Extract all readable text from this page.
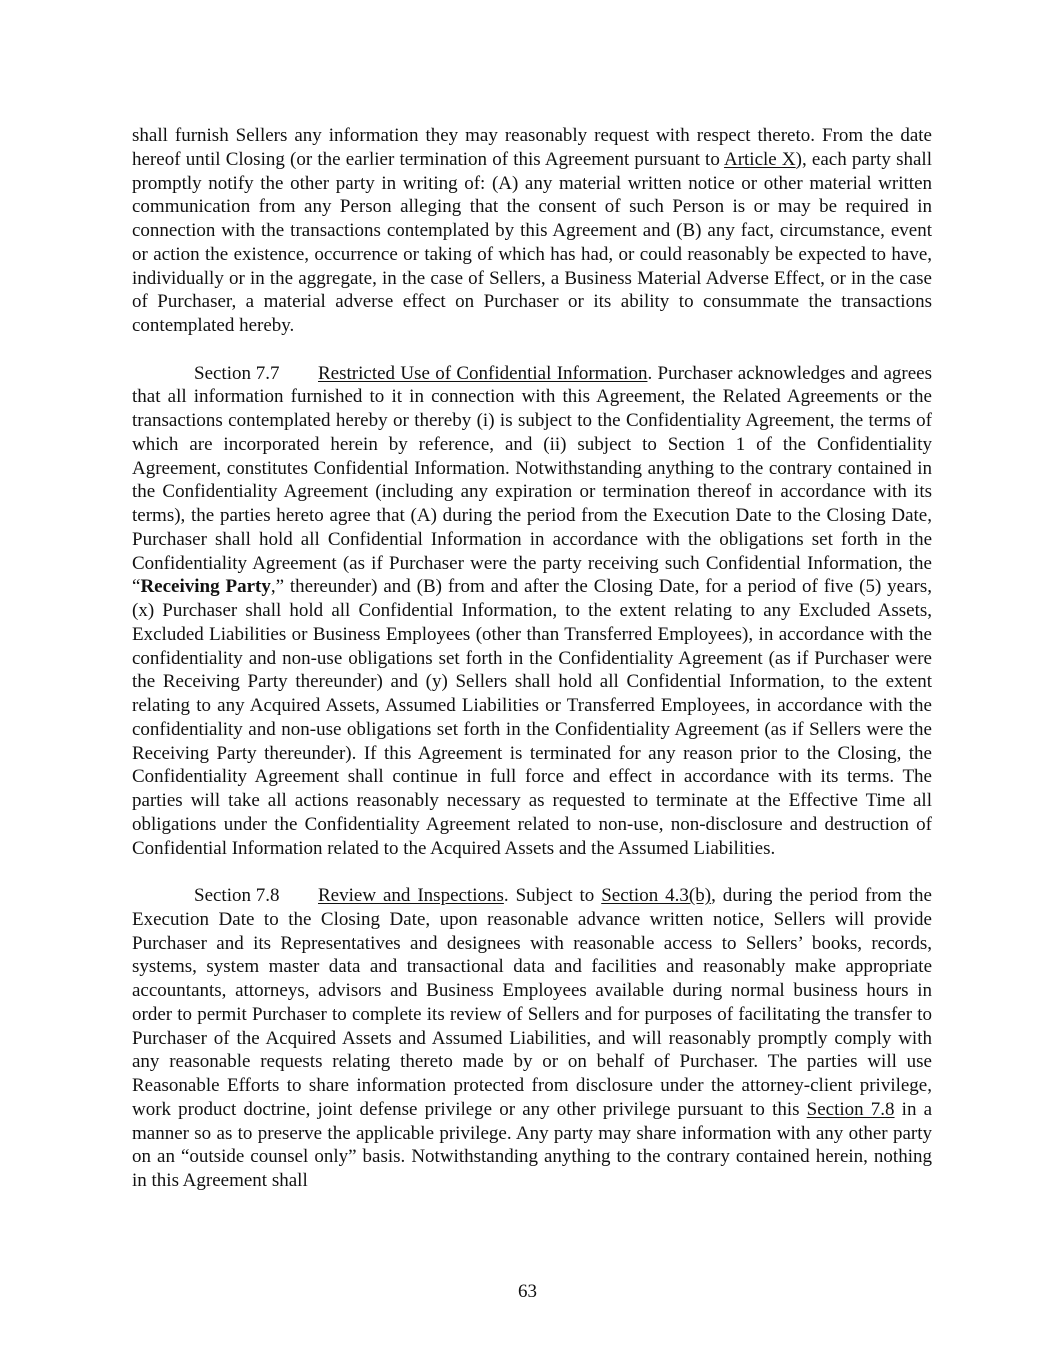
shall furnish Sellers any information they may reasonably request with respect thereto. From the date hereof until Closing (or the earlier termination of this Agreement pursuant to Article X), each party shall promptly notify the other party in writing of: (A) any material written notice or other material written communication from any Person alleging that the consent of such Person is or may be required in connection with the transactions contemplated by this Agreement and (B) any fact, circumstance, event or action the existence, occurrence or taking of which has had, or could reasonably be expected to have, individually or in the aggregate, in the case of Sellers, a Business Material Adverse Effect, or in the case of Purchaser, a material adverse effect on Purchaser or its ability to consummate the transactions contemplated hereby.

Section 7.7 Restricted Use of Confidential Information. Purchaser acknowledges and agrees that all information furnished to it in connection with this Agreement, the Related Agreements or the transactions contemplated hereby or thereby (i) is subject to the Confidentiality Agreement, the terms of which are incorporated herein by reference, and (ii) subject to Section 1 of the Confidentiality Agreement, constitutes Confidential Information. Notwithstanding anything to the contrary contained in the Confidentiality Agreement (including any expiration or termination thereof in accordance with its terms), the parties hereto agree that (A) during the period from the Execution Date to the Closing Date, Purchaser shall hold all Confidential Information in accordance with the obligations set forth in the Confidentiality Agreement (as if Purchaser were the party receiving such Confidential Information, the “Receiving Party,” thereunder) and (B) from and after the Closing Date, for a period of five (5) years, (x) Purchaser shall hold all Confidential Information, to the extent relating to any Excluded Assets, Excluded Liabilities or Business Employees (other than Transferred Employees), in accordance with the confidentiality and non-use obligations set forth in the Confidentiality Agreement (as if Purchaser were the Receiving Party thereunder) and (y) Sellers shall hold all Confidential Information, to the extent relating to any Acquired Assets, Assumed Liabilities or Transferred Employees, in accordance with the confidentiality and non-use obligations set forth in the Confidentiality Agreement (as if Sellers were the Receiving Party thereunder). If this Agreement is terminated for any reason prior to the Closing, the Confidentiality Agreement shall continue in full force and effect in accordance with its terms. The parties will take all actions reasonably necessary as requested to terminate at the Effective Time all obligations under the Confidentiality Agreement related to non-use, non-disclosure and destruction of Confidential Information related to the Acquired Assets and the Assumed Liabilities.

Section 7.8 Review and Inspections. Subject to Section 4.3(b), during the period from the Execution Date to the Closing Date, upon reasonable advance written notice, Sellers will provide Purchaser and its Representatives and designees with reasonable access to Sellers’ books, records, systems, system master data and transactional data and facilities and reasonably make appropriate accountants, attorneys, advisors and Business Employees available during normal business hours in order to permit Purchaser to complete its review of Sellers and for purposes of facilitating the transfer to Purchaser of the Acquired Assets and Assumed Liabilities, and will reasonably promptly comply with any reasonable requests relating thereto made by or on behalf of Purchaser. The parties will use Reasonable Efforts to share information protected from disclosure under the attorney-client privilege, work product doctrine, joint defense privilege or any other privilege pursuant to this Section 7.8 in a manner so as to preserve the applicable privilege. Any party may share information with any other party on an “outside counsel only” basis. Notwithstanding anything to the contrary contained herein, nothing in this Agreement shall

63
